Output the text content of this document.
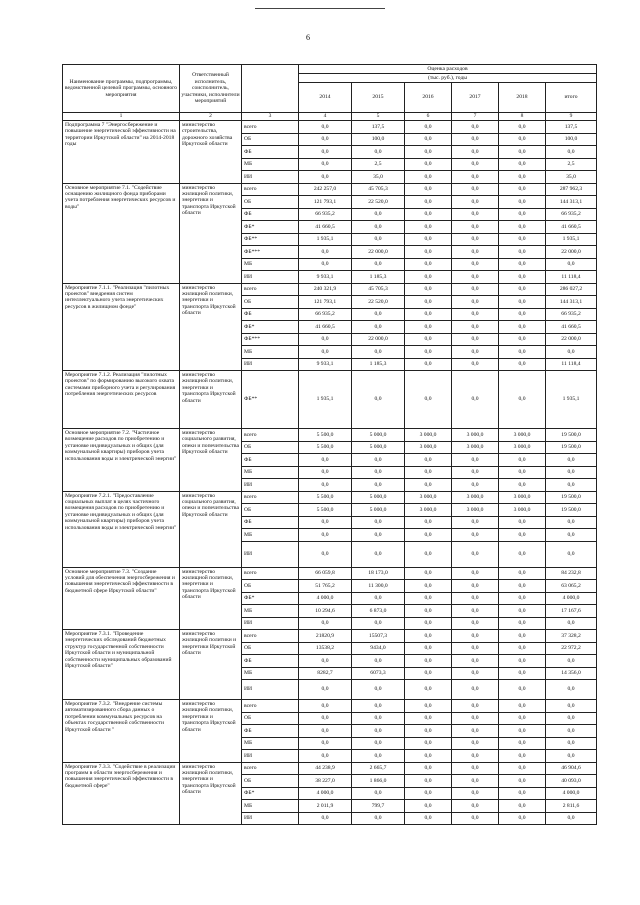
6
Наименование программы, подпрограммы, ведомственной целевой программы, основного мероприятия	Ответственный исполнитель, соисполнитель, участники, исполнители мероприятий		Оценка расходов					
			(тыс. руб.), годы					
			2014	2015	2016	2017	2018	итого
1	2	3	4	5	6	7	8	9
Подпрограмма 7 "Энергосбережение и повышение энергетической эффективности на территории Иркутской области" на 2014-2018 годы	министерство строительства, дорожного хозяйства Иркутской области	всего	0,0	137,5	0,0	0,0	0,0	137,5
		ОБ	0,0	100,0	0,0	0,0	0,0	100,0
		ФБ	0,0	0,0	0,0	0,0	0,0	0,0
		МБ	0,0	2,5	0,0	0,0	0,0	2,5
		ИИ	0,0	35,0	0,0	0,0	0,0	35,0
Основное мероприятие 7.1. "Содействие оснащению жилищного фонда приборами учета потребления энергетических ресурсов и воды"	министерство жилищной политики, энергетики и транспорта Иркутской области	всего	242 257,0	45 705,3	0,0	0,0	0,0	287 962,3
		ОБ	121 793,1	22 520,0	0,0	0,0	0,0	144 313,1
		ФБ	66 935,2	0,0	0,0	0,0	0,0	66 935,2
		ФБ*	41 660,5	0,0	0,0	0,0	0,0	41 660,5
		ФБ**	1 935,1	0,0	0,0	0,0	0,0	1 935,1
		ФБ***	0,0	22 000,0	0,0	0,0	0,0	22 000,0
		МБ	0,0	0,0	0,0	0,0	0,0	0,0
		ИИ	9 933,1	1 185,3	0,0	0,0	0,0	11 118,4
Мероприятие 7.1.1. "Реализация "пилотных проектов" внедрения систем интеллектуального учета энергетических ресурсов в жилищном фонде"	министерство жилищной политики, энергетики и транспорта Иркутской области	всего	240 321,9	45 705,3	0,0	0,0	0,0	286 027,2
		ОБ	121 793,1	22 520,0	0,0	0,0	0,0	144 313,1
		ФБ	66 935,2	0,0	0,0	0,0	0,0	66 935,2
		ФБ*	41 660,5	0,0	0,0	0,0	0,0	41 660,5
		ФБ***	0,0	22 000,0	0,0	0,0	0,0	22 000,0
		МБ	0,0	0,0	0,0	0,0	0,0	0,0
		ИИ	9 933,1	1 185,3	0,0	0,0	0,0	11 118,4
Мероприятие 7.1.2. Реализация "пилотных проектов" по формированию высокого охвата системами приборного учета и регулирования потребления энергетических ресурсов	министерство жилищной политики, энергетики и транспорта Иркутской области	ФБ**	1 935,1	0,0	0,0	0,0	0,0	1 935,1
Основное мероприятие 7.2. "Частичное возмещение расходов по приобретению и установке индивидуальных и общих (для коммунальной квартиры) приборов учета использования воды и электрической энергии"	министерство социального развития, опеки и попечительства Иркутской области	всего	5 500,0	5 000,0	3 000,0	3 000,0	3 000,0	19 500,0
		ОБ	5 500,0	5 000,0	3 000,0	3 000,0	3 000,0	19 500,0
		ФБ	0,0	0,0	0,0	0,0	0,0	0,0
		МБ	0,0	0,0	0,0	0,0	0,0	0,0
		ИИ	0,0	0,0	0,0	0,0	0,0	0,0
Мероприятие 7.2.1. "Предоставление социальных выплат в целях частичного возмещения расходов по приобретению и установке индивидуальных и общих (для коммунальной квартиры) приборов учета использования воды и электрической энергии"	министерство социального развития, опеки и попечительства Иркутской области	всего	5 500,0	5 000,0	3 000,0	3 000,0	3 000,0	19 500,0
		ОБ	5 500,0	5 000,0	3 000,0	3 000,0	3 000,0	19 500,0
		ФБ	0,0	0,0	0,0	0,0	0,0	0,0
		МБ	0,0	0,0	0,0	0,0	0,0	0,0
		ИИ	0,0	0,0	0,0	0,0	0,0	0,0
Основное мероприятие 7.3. "Создание условий для обеспечения энергосбережения и повышения энергетической эффективности в бюджетной сфере Иркутской области"	министерство жилищной политики, энергетики и транспорта Иркутской области	всего	66 059,8	18 173,0	0,0	0,0	0,0	84 232,8
		ОБ	51 765,2	11 300,0	0,0	0,0	0,0	63 065,2
		ФБ*	4 000,0	0,0	0,0	0,0	0,0	4 000,0
		МБ	10 294,6	6 873,0	0,0	0,0	0,0	17 167,6
		ИИ	0,0	0,0	0,0	0,0	0,0	0,0
Мероприятие 7.3.1. "Проведение энергетических обследований бюджетных структур государственной собственности Иркутской области и муниципальной собственности муниципальных образований Иркутской области"	министерство жилищной политики и энергетики Иркутской области	всего	21820,9	15507,3	0,0	0,0	0,0	37 328,2
		ОБ	13538,2	9434,0	0,0	0,0	0,0	22 972,2
		ФБ	0,0	0,0	0,0	0,0	0,0	0,0
		МБ	8282,7	6073,3	0,0	0,0	0,0	14 356,0
		ИИ	0,0	0,0	0,0	0,0	0,0	0,0
Мероприятие 7.3.2. "Внедрение системы автоматизированного сбора данных о потреблении коммунальных ресурсов на объектах государственной собственности Иркутской области "	министерство жилищной политики, энергетики и транспорта Иркутской области	всего	0,0	0,0	0,0	0,0	0,0	0,0
		ОБ	0,0	0,0	0,0	0,0	0,0	0,0
		ФБ	0,0	0,0	0,0	0,0	0,0	0,0
		МБ	0,0	0,0	0,0	0,0	0,0	0,0
		ИИ	0,0	0,0	0,0	0,0	0,0	0,0
Мероприятие 7.3.3. "Содействие в реализации программ в области энергосбережения и повышения энергетической эффективности в бюджетной сфере"	министерство жилищной политики, энергетики и транспорта Иркутской области	всего	44 238,9	2 665,7	0,0	0,0	0,0	46 904,6
		ОБ	38 227,0	1 866,0	0,0	0,0	0,0	40 093,0
		ФБ*	4 000,0	0,0	0,0	0,0	0,0	4 000,0
		МБ	2 011,9	799,7	0,0	0,0	0,0	2 811,6
		ИИ	0,0	0,0	0,0	0,0	0,0	0,0
